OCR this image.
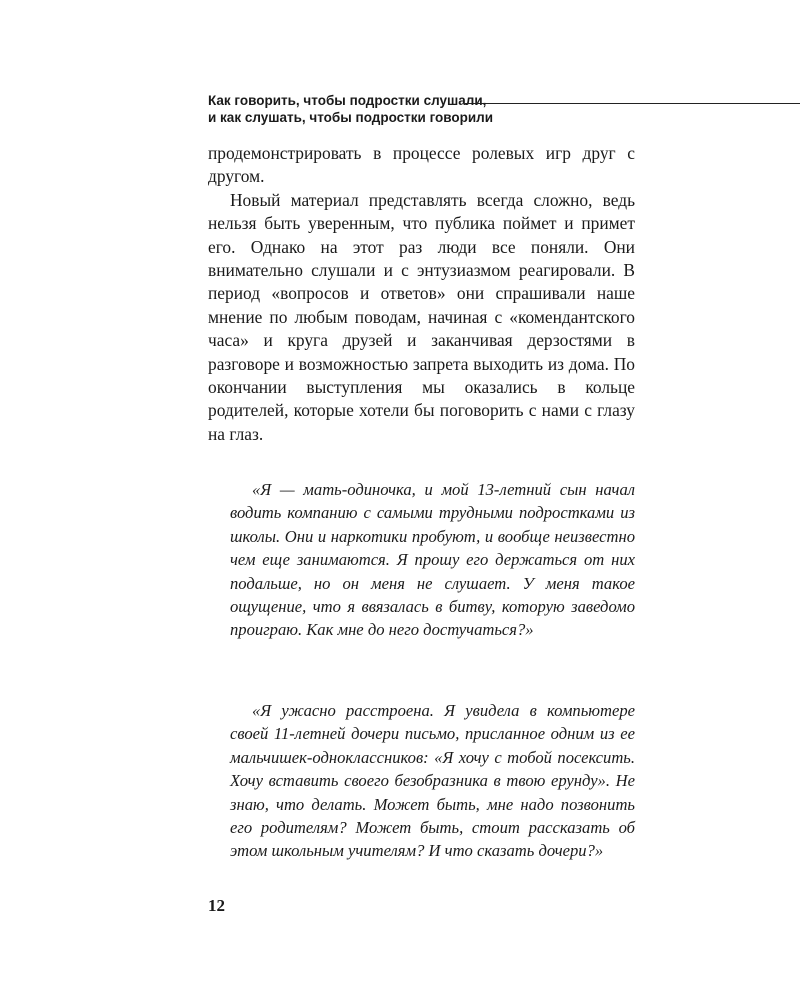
Как говорить, чтобы подростки слушали,
и как слушать, чтобы подростки говорили

продемонстрировать в процессе ролевых игр друг с другом.

Новый материал представлять всегда сложно, ведь нельзя быть уверенным, что публика поймет и примет его. Однако на этот раз люди все поняли. Они внимательно слушали и с энтузиазмом реагировали. В период «вопросов и ответов» они спрашивали наше мнение по любым поводам, начиная с «комендантского часа» и круга друзей и заканчивая дерзостями в разговоре и возможностью запрета выходить из дома. По окончании выступления мы оказались в кольце родителей, которые хотели бы поговорить с нами с глазу на глаз.

«Я — мать-одиночка, и мой 13-летний сын начал водить компанию с самыми трудными подростками из школы. Они и наркотики пробуют, и вообще неизвестно чем еще занимаются. Я прошу его держаться от них подальше, но он меня не слушает. У меня такое ощущение, что я ввязалась в битву, которую заведомо проиграю. Как мне до него достучаться?»

«Я ужасно расстроена. Я увидела в компьютере своей 11-летней дочери письмо, присланное одним из ее мальчишек-одноклассников: «Я хочу с тобой посексить. Хочу вставить своего безобразника в твою ерунду». Не знаю, что делать. Может быть, мне надо позвонить его родителям? Может быть, стоит рассказать об этом школьным учителям? И что сказать дочери?»

12
